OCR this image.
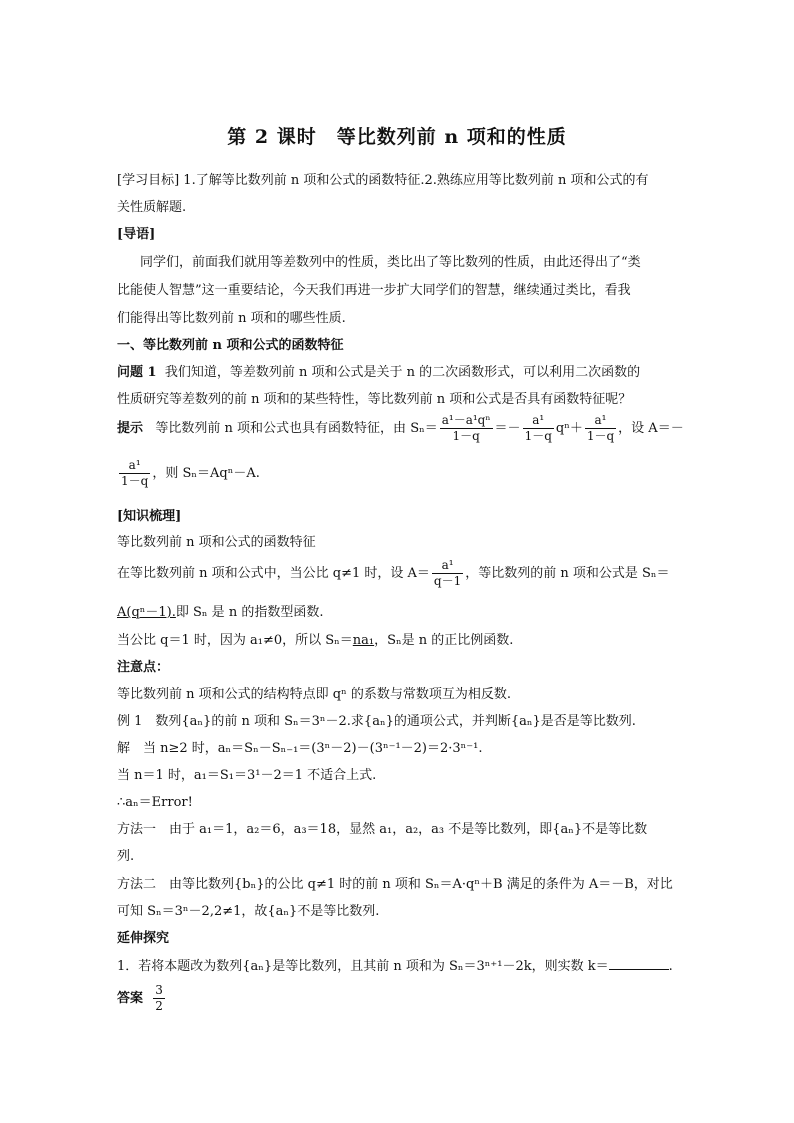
第 2 课时　等比数列前 n 项和的性质
[学习目标] 1.了解等比数列前 n 项和公式的函数特征.2.熟练应用等比数列前 n 项和公式的有
关性质解题.
[导语]
同学们，前面我们就用等差数列中的性质，类比出了等比数列的性质，由此还得出了“类
比能使人智慧”这一重要结论，今天我们再进一步扩大同学们的智慧，继续通过类比，看我
们能得出等比数列前 n 项和的哪些性质.
一、等比数列前 n 项和公式的函数特征
问题 1 我们知道，等差数列前 n 项和公式是关于 n 的二次函数形式，可以利用二次函数的
性质研究等差数列的前 n 项和的某些特性，等比数列前 n 项和公式是否具有函数特征呢？
提示 等比数列前 n 项和公式也具有函数特征，由 $S_n= \frac{\text{a¹－a¹qⁿ}}{1-q} =- \frac{\text{a¹}}{1-q} q^n+ \frac{\text{a¹}}{1-q}$ ，设 A＝－
$\frac{\text{a¹}}{1-q}$ ，则 Sₙ＝Aqⁿ－A.
[知识梳理]
等比数列前 n 项和公式的函数特征
在等比数列前 n 项和公式中，当公比 q≠1 时，设 $A= \frac{\text{a¹}}{q-1}$ ，等比数列的前 n 项和公式是 Sₙ＝
A(qⁿ－1).即 Sₙ 是 n 的指数型函数.
当公比 q＝1 时，因为 a₁≠0，所以 Sₙ＝na₁，Sₙ是 n 的正比例函数.
注意点：
等比数列前 n 项和公式的结构特点即 qⁿ 的系数与常数项互为相反数.
例 1　数列{aₙ}的前 n 项和 Sₙ＝3ⁿ－2.求{aₙ}的通项公式，并判断{aₙ}是否是等比数列.
解　当 n≥2 时，aₙ＝Sₙ－Sₙ₋₁＝(3ⁿ－2)－(3ⁿ⁻¹－2)＝2·3ⁿ⁻¹.
当 n＝1 时，a₁＝S₁＝3¹－2＝1 不适合上式.
∴aₙ＝Error!
方法一　由于 a₁＝1，a₂＝6，a₃＝18，显然 a₁，a₂，a₃ 不是等比数列，即{aₙ}不是等比数
列.
方法二　由等比数列{bₙ}的公比 q≠1 时的前 n 项和 Sₙ＝A·qⁿ＋B 满足的条件为 A＝－B，对比
可知 Sₙ＝3ⁿ－2,2≠1，故{aₙ}不是等比数列.
延伸探究
1．若将本题改为数列{aₙ}是等比数列，且其前 n 项和为 Sₙ＝3ⁿ⁺¹－2k，则实数 k＝	.
答案 $\frac{3}{2}$
